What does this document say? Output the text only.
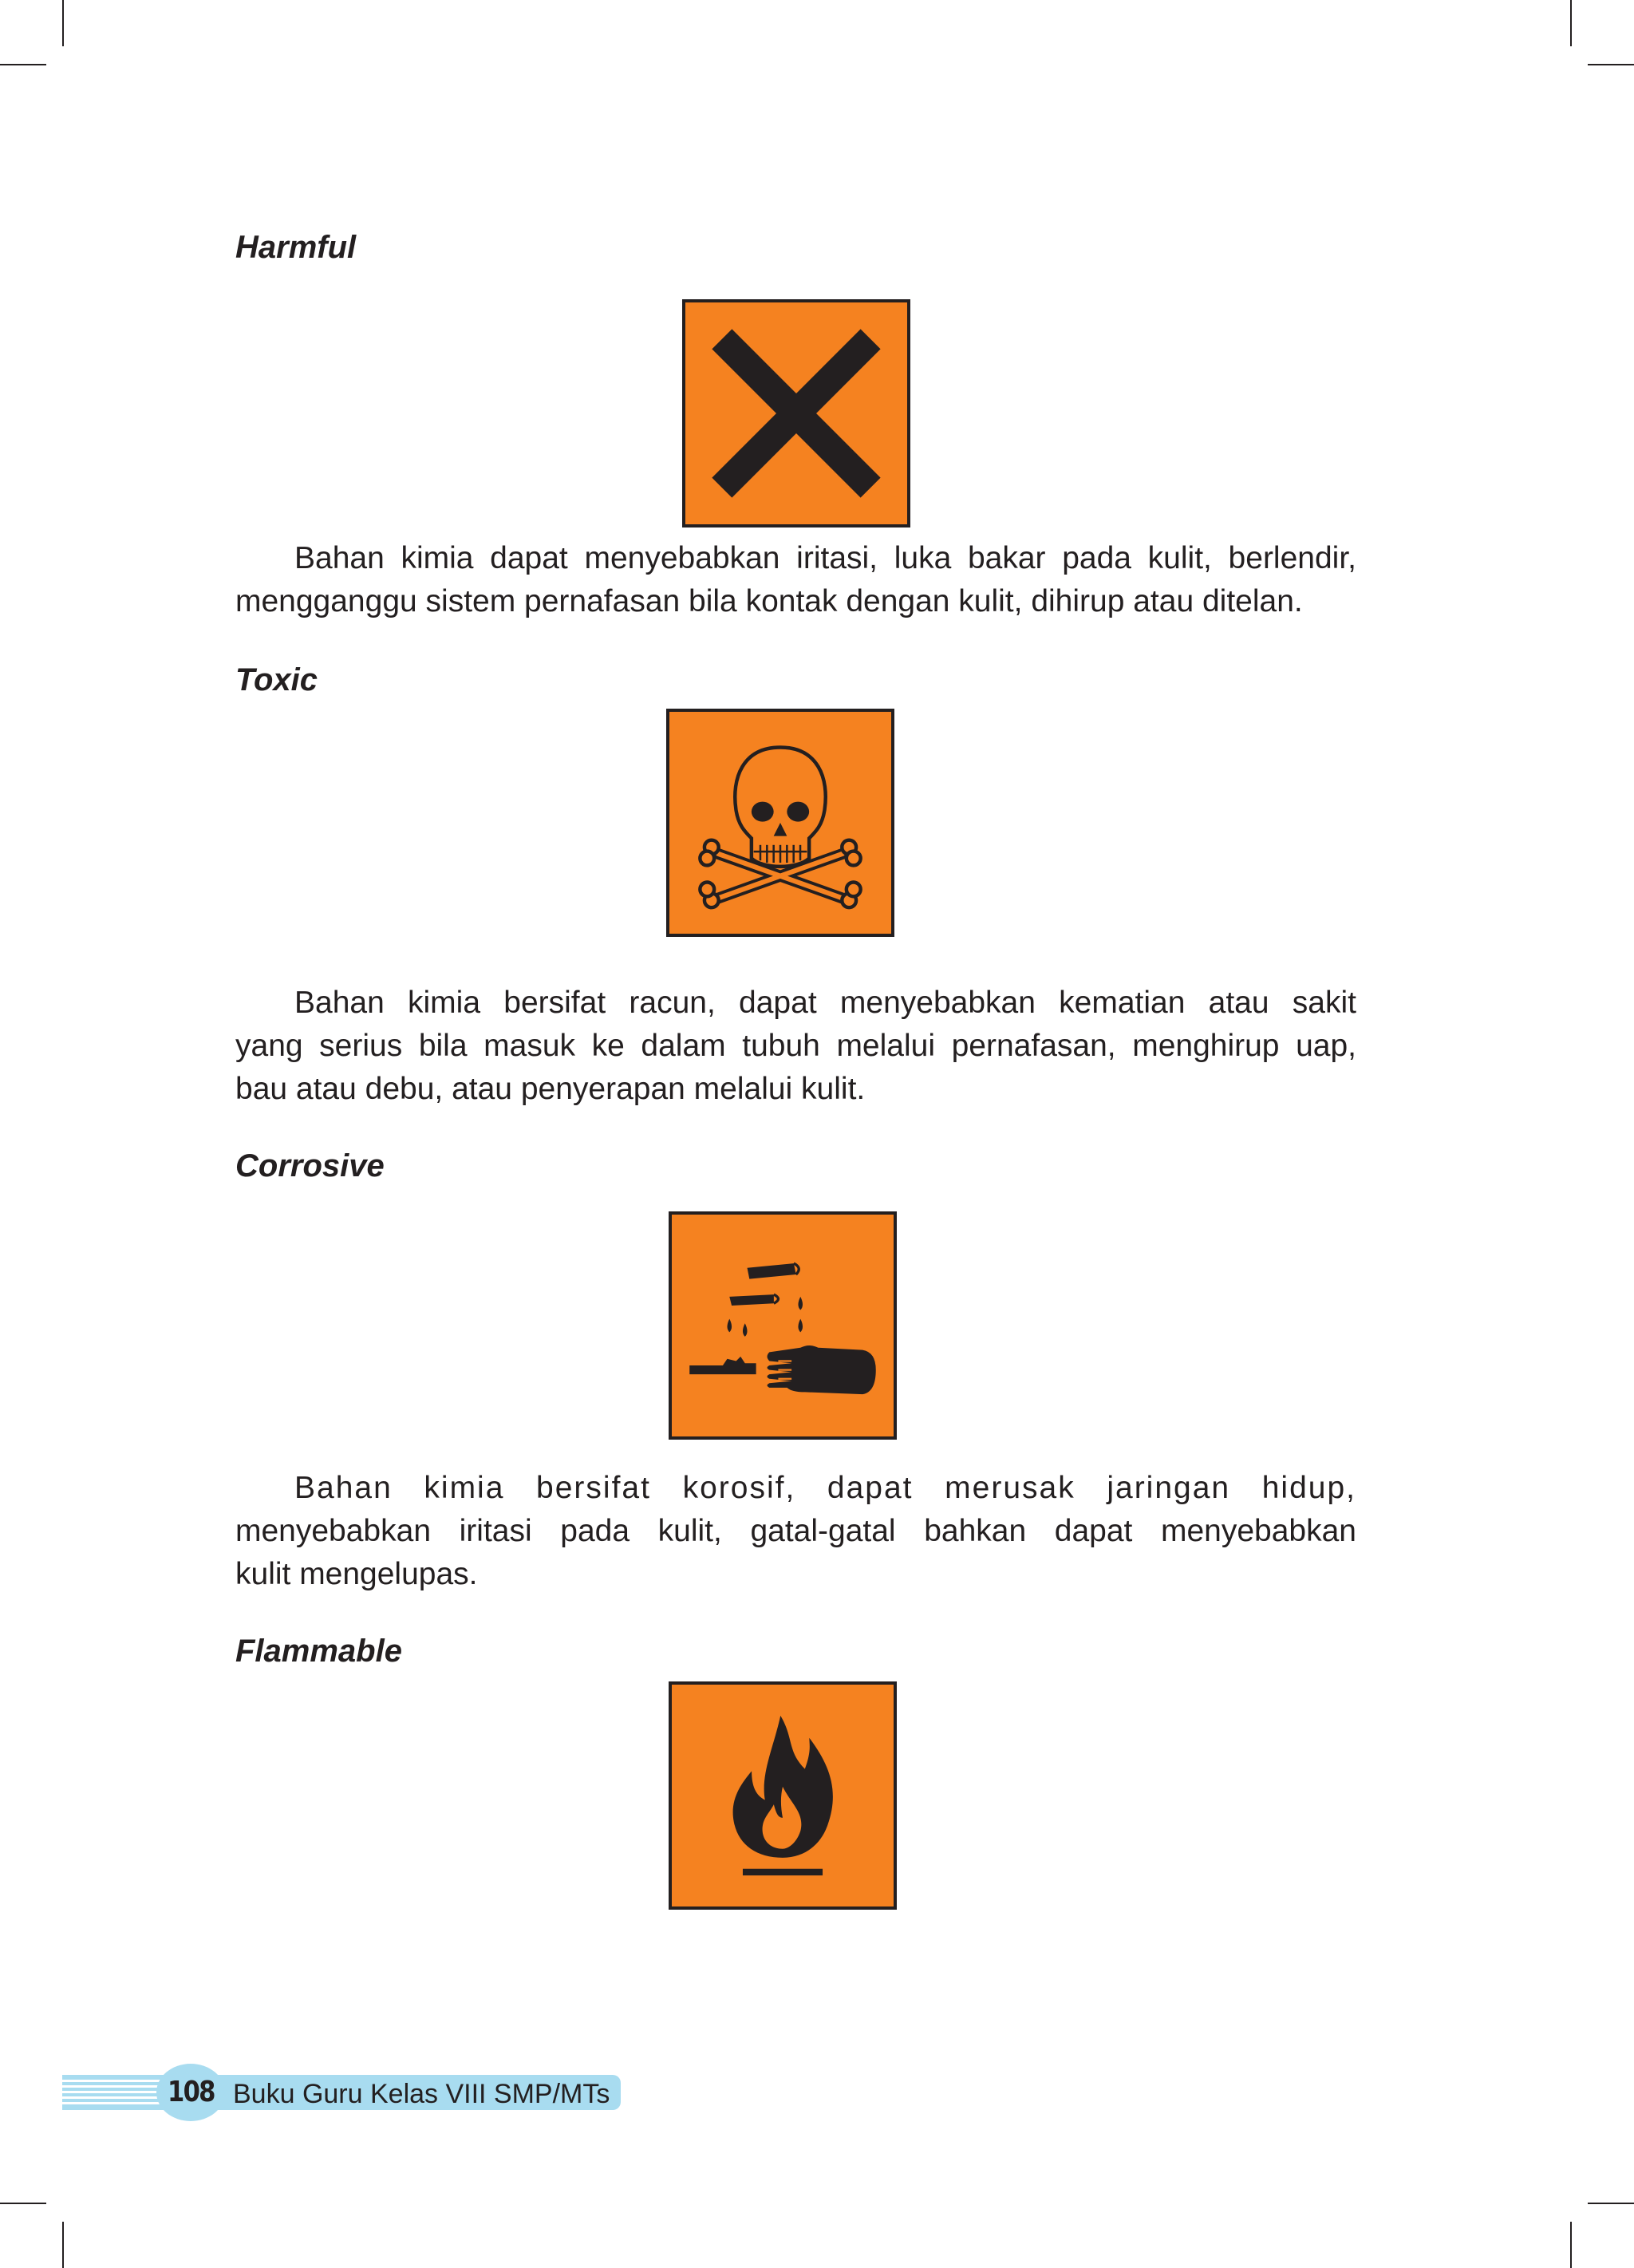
Harmful

Bahan kimia dapat menyebabkan iritasi, luka bakar pada kulit, berlendir,
mengganggu sistem pernafasan bila kontak dengan kulit, dihirup atau ditelan.

Toxic

Bahan kimia bersifat racun, dapat menyebabkan kematian atau sakit
yang serius bila masuk ke dalam tubuh melalui pernafasan, menghirup uap,
bau atau debu, atau penyerapan melalui kulit.

Corrosive

Bahan kimia bersifat korosif, dapat merusak jaringan hidup,
menyebabkan iritasi pada kulit, gatal-gatal bahkan dapat menyebabkan
kulit mengelupas.

Flammable
108 Buku Guru Kelas VIII SMP/MTs
